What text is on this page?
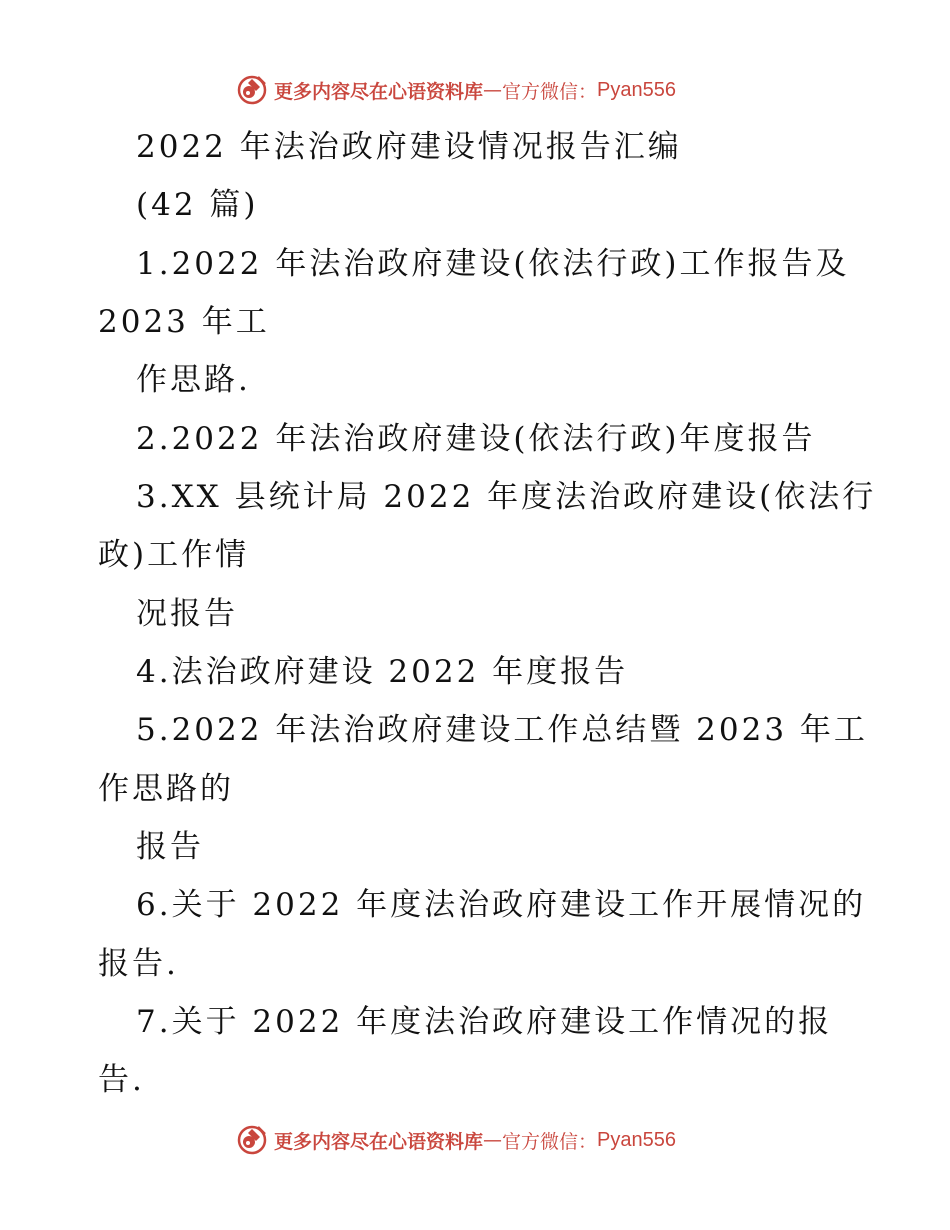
更多内容尽在心语资料库 — 官方微信： Pyan556
2022 年法治政府建设情况报告汇编
(42 篇)
1.2022 年法治政府建设(依法行政)工作报告及
2023 年工
作思路.
2.2022 年法治政府建设(依法行政)年度报告
3.XX 县统计局 2022 年度法治政府建设(依法行
政)工作情
况报告
4.法治政府建设 2022 年度报告
5.2022 年法治政府建设工作总结暨 2023 年工
作思路的
报告
6.关于 2022 年度法治政府建设工作开展情况的
报告.
7.关于 2022 年度法治政府建设工作情况的报
告.
更多内容尽在心语资料库 — 官方微信： Pyan556
